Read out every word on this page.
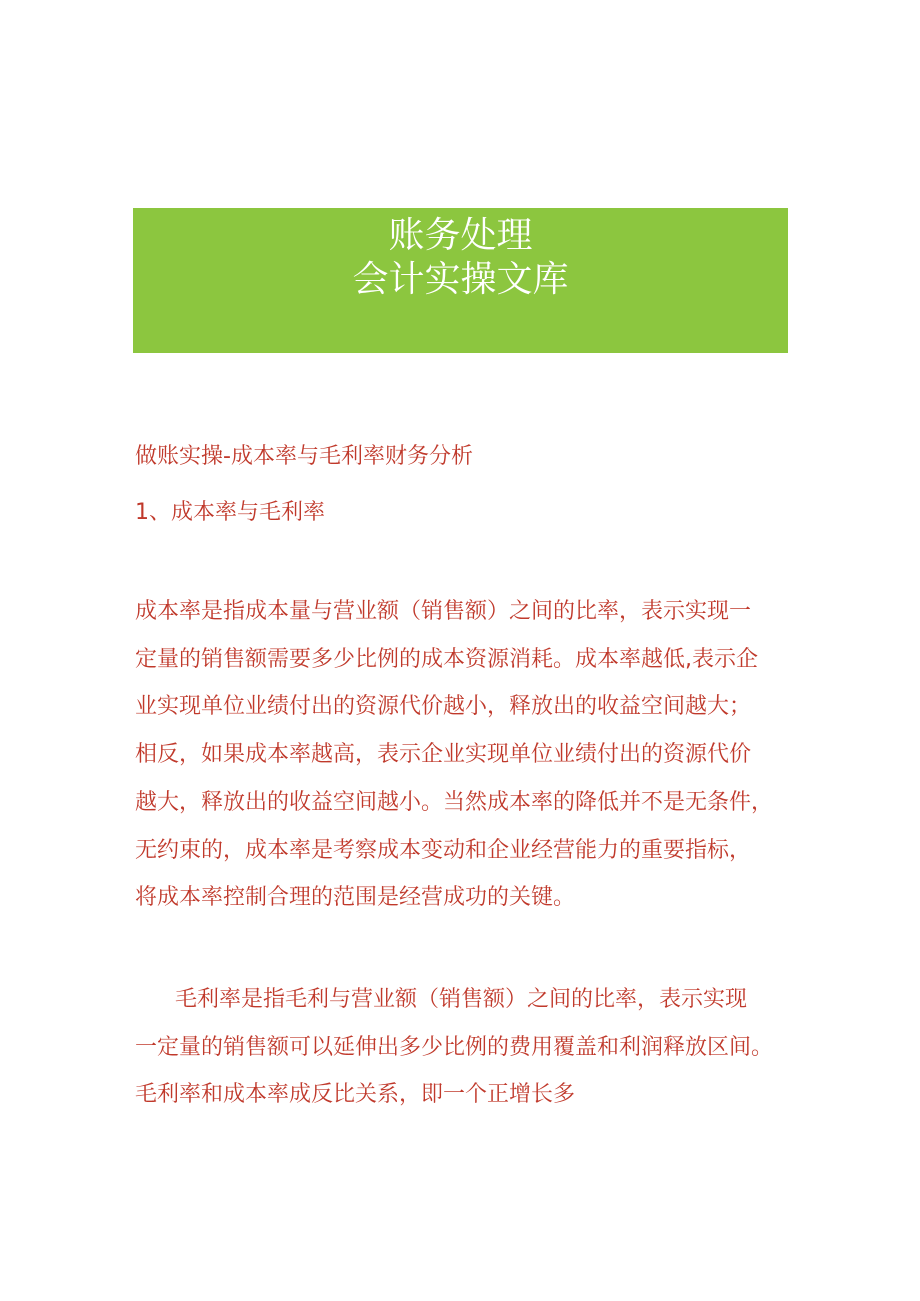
账务处理
会计实操文库
做账实操-成本率与毛利率财务分析
1、成本率与毛利率
成本率是指成本量与营业额（销售额）之间的比率，表示实现一
定量的销售额需要多少比例的成本资源消耗。成本率越低,表示企
业实现单位业绩付出的资源代价越小，释放出的收益空间越大；
相反，如果成本率越高，表示企业实现单位业绩付出的资源代价
越大，释放出的收益空间越小。当然成本率的降低并不是无条件，
无约束的，成本率是考察成本变动和企业经营能力的重要指标，
将成本率控制合理的范围是经营成功的关键。
毛利率是指毛利与营业额（销售额）之间的比率，表示实现
一定量的销售额可以延伸出多少比例的费用覆盖和利润释放区间。
毛利率和成本率成反比关系，即一个正增长多
